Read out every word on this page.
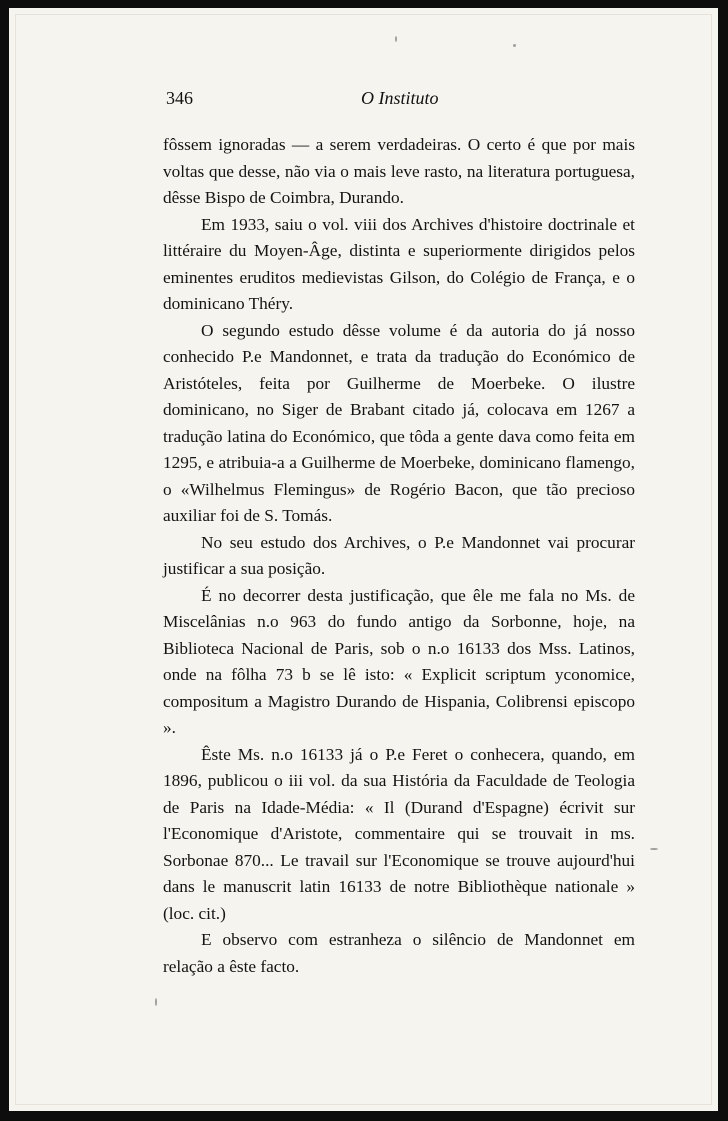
346	O Instituto

fôssem ignoradas — a serem verdadeiras. O certo é que por mais voltas que desse, não via o mais leve rasto, na literatura portuguesa, dêsse Bispo de Coimbra, Durando.

Em 1933, saiu o vol. viii dos Archives d'histoire doctrinale et littéraire du Moyen-Âge, distinta e superiormente dirigidos pelos eminentes eruditos medievistas Gilson, do Colégio de França, e o dominicano Théry.

O segundo estudo dêsse volume é da autoria do já nosso conhecido P.e Mandonnet, e trata da tradução do Económico de Aristóteles, feita por Guilherme de Moerbeke. O ilustre dominicano, no Siger de Brabant citado já, colocava em 1267 a tradução latina do Económico, que tôda a gente dava como feita em 1295, e atribuia-a a Guilherme de Moerbeke, dominicano flamengo, o «Wilhelmus Flemingus» de Rogério Bacon, que tão precioso auxiliar foi de S. Tomás.

No seu estudo dos Archives, o P.e Mandonnet vai procurar justificar a sua posição.

É no decorrer desta justificação, que êle me fala no Ms. de Miscelânias n.o 963 do fundo antigo da Sorbonne, hoje, na Biblioteca Nacional de Paris, sob o n.o 16133 dos Mss. Latinos, onde na fôlha 73 b se lê isto: « Explicit scriptum yconomice, compositum a Magistro Durando de Hispania, Colibrensi episcopo ».

Êste Ms. n.o 16133 já o P.e Feret o conhecera, quando, em 1896, publicou o iii vol. da sua História da Faculdade de Teologia de Paris na Idade-Média: « Il (Durand d'Espagne) écrivit sur l'Economique d'Aristote, commentaire qui se trouvait in ms. Sorbonae 870... Le travail sur l'Economique se trouve aujourd'hui dans le manuscrit latin 16133 de notre Bibliothèque nationale » (loc. cit.)

E observo com estranheza o silêncio de Mandonnet em relação a êste facto.
